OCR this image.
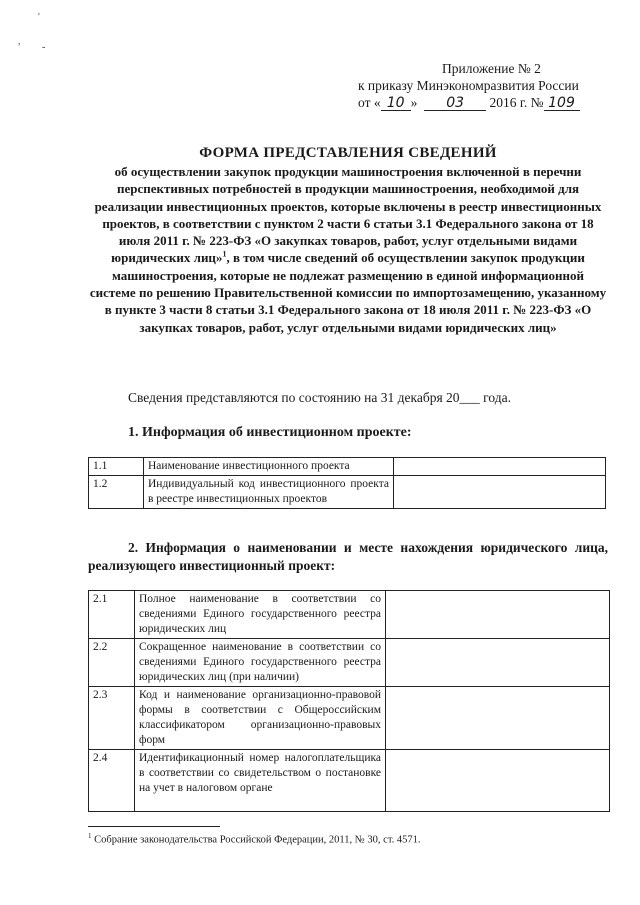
'
,
-
Приложение № 2
к приказу Минэкономразвития России
от « 10 » 03 2016 г. № 109
ФОРМА ПРЕДСТАВЛЕНИЯ СВЕДЕНИЙ
об осуществлении закупок продукции машиностроения включенной в перечни перспективных потребностей в продукции машиностроения, необходимой для реализации инвестиционных проектов, которые включены в реестр инвестиционных проектов, в соответствии с пунктом 2 части 6 статьи 3.1 Федерального закона от 18 июля 2011 г. № 223-ФЗ «О закупках товаров, работ, услуг отдельными видами юридических лиц»$^1$, в том числе сведений об осуществлении закупок продукции машиностроения, которые не подлежат размещению в единой информационной системе по решению Правительственной комиссии по импортозамещению, указанному в пункте 3 части 8 статьи 3.1 Федерального закона от 18 июля 2011 г. № 223-ФЗ «О закупках товаров, работ, услуг отдельными видами юридических лиц»
Сведения представляются по состоянию на 31 декабря 20___ года.
1. Информация об инвестиционном проекте:
1.1	Наименование инвестиционного проекта	
1.2	Индивидуальный код инвестиционного проекта в реестре инвестиционных проектов	
2. Информация о наименовании и месте нахождения юридического лица, реализующего инвестиционный проект:
2.1	Полное наименование в соответствии со сведениями Единого государственного реестра юридических лиц	
2.2	Сокращенное наименование в соответствии со сведениями Единого государственного реестра юридических лиц (при наличии)	
2.3	Код и наименование организационно-правовой формы в соответствии с Общероссийским классификатором организационно-правовых форм	
2.4	Идентификационный номер налогоплательщика в соответствии со свидетельством о постановке на учет в налоговом органе	
$^1$ Собрание законодательства Российской Федерации, 2011, № 30, ст. 4571.
